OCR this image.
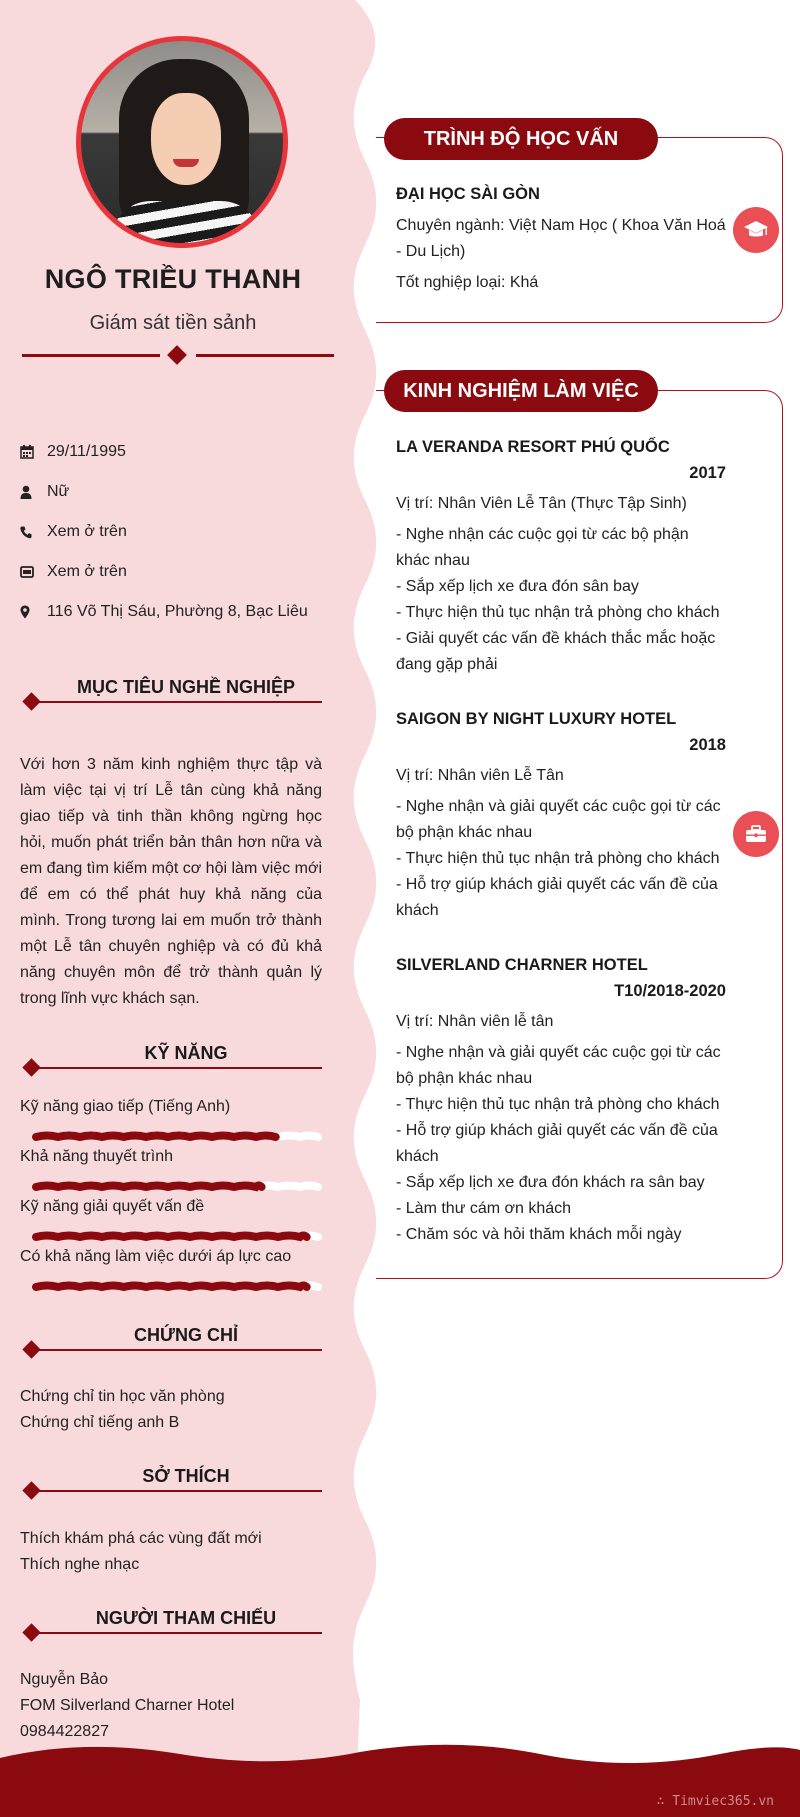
NGÔ TRIỀU THANH
Giám sát tiền sảnh
29/11/1995
Nữ
Xem ở trên
Xem ở trên
116 Võ Thị Sáu, Phường 8, Bạc Liêu
MỤC TIÊU NGHỀ NGHIỆP
Với hơn 3 năm kinh nghiệm thực tập và làm việc tại vị trí Lễ tân cùng khả năng giao tiếp và tinh thần không ngừng học hỏi, muốn phát triển bản thân hơn nữa và em đang tìm kiếm một cơ hội làm việc mới để em có thể phát huy khả năng của mình. Trong tương lai em muốn trở thành một Lễ tân chuyên nghiệp và có đủ khả năng chuyên môn để trở thành quản lý trong lĩnh vực khách sạn.
KỸ NĂNG
Kỹ năng giao tiếp (Tiếng Anh)
Khả năng thuyết trình
Kỹ năng giải quyết vấn đề
Có khả năng làm việc dưới áp lực cao
CHỨNG CHỈ
Chứng chỉ tin học văn phòng
Chứng chỉ tiếng anh B
SỞ THÍCH
Thích khám phá các vùng đất mới
Thích nghe nhạc
NGƯỜI THAM CHIẾU
Nguyễn Bảo
FOM Silverland Charner Hotel
0984422827
TRÌNH ĐỘ HỌC VẤN
ĐẠI HỌC SÀI GÒN
Chuyên ngành: Việt Nam Học ( Khoa Văn Hoá - Du Lịch)
Tốt nghiệp loại: Khá
KINH NGHIỆM LÀM VIỆC
LA VERANDA RESORT PHÚ QUỐC
2017
Vị trí: Nhân Viên Lễ Tân (Thực Tập Sinh)
- Nghe nhận các cuộc gọi từ các bộ phận khác nhau
- Sắp xếp lịch xe đưa đón sân bay
- Thực hiện thủ tục nhận trả phòng cho khách
- Giải quyết các vấn đề khách thắc mắc hoặc đang gặp phải
SAIGON BY NIGHT LUXURY HOTEL
2018
Vị trí: Nhân viên Lễ Tân
- Nghe nhận và giải quyết các cuộc gọi từ các bộ phận khác nhau
- Thực hiện thủ tục nhận trả phòng cho khách
- Hỗ trợ giúp khách giải quyết các vấn đề của khách
SILVERLAND CHARNER HOTEL
T10/2018-2020
Vị trí: Nhân viên lễ tân
- Nghe nhận và giải quyết các cuộc gọi từ các bộ phận khác nhau
- Thực hiện thủ tục nhận trả phòng cho khách
- Hỗ trợ giúp khách giải quyết các vấn đề của khách
- Sắp xếp lịch xe đưa đón khách ra sân bay
- Làm thư cám ơn khách
- Chăm sóc và hỏi thăm khách mỗi ngày
∴ Timviec365.vn
